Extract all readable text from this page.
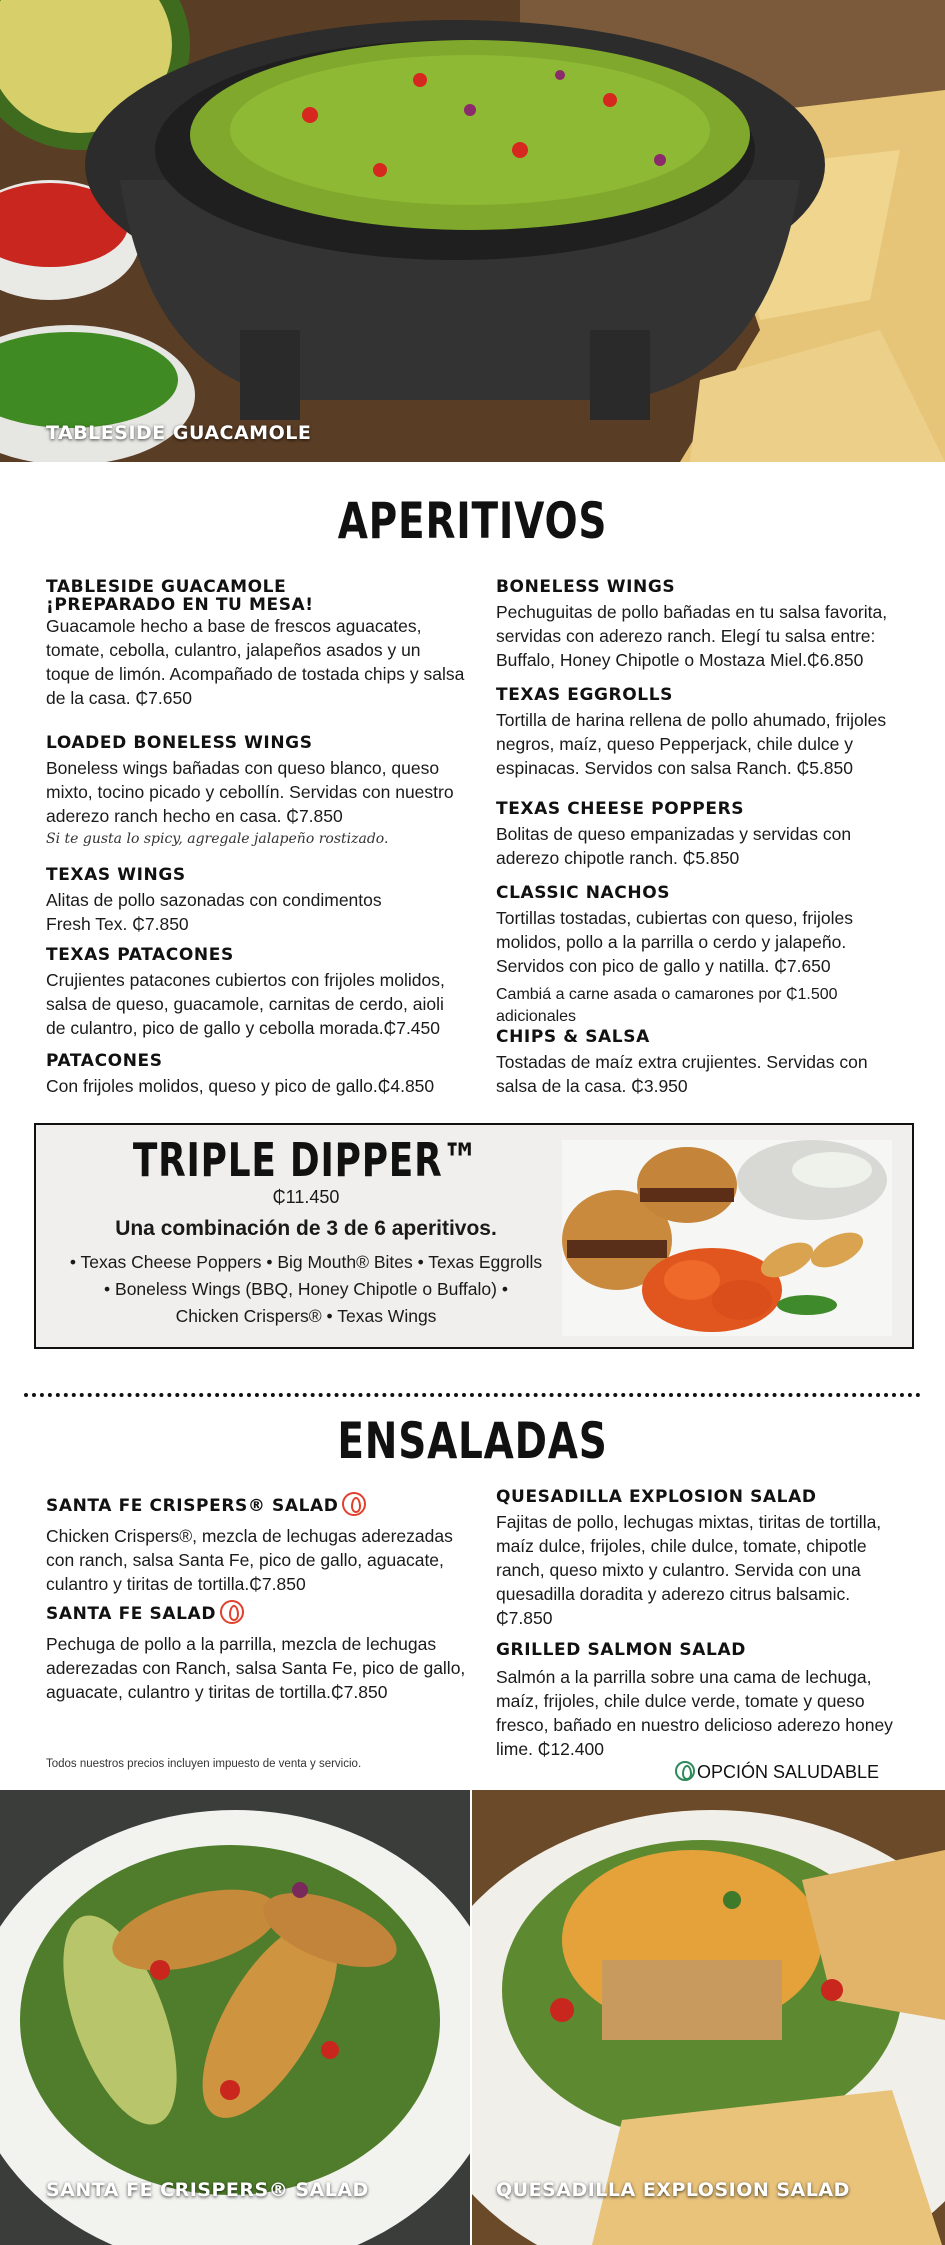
TABLESIDE GUACAMOLE
APERITIVOS
TABLESIDE GUACAMOLE
¡PREPARADO EN TU MESA!
Guacamole hecho a base de frescos aguacates, tomate, cebolla, culantro, jalapeños asados y un toque de limón. Acompañado de tostada chips y salsa de la casa. ₵7.650
LOADED BONELESS WINGS
Boneless wings bañadas con queso blanco, queso mixto, tocino picado y cebollín. Servidas con nuestro aderezo ranch hecho en casa. ₵7.850
Si te gusta lo spicy, agregale jalapeño rostizado.
TEXAS WINGS
Alitas de pollo sazonadas con condimentos Fresh Tex. ₵7.850
TEXAS PATACONES
Crujientes patacones cubiertos con frijoles molidos, salsa de queso, guacamole, carnitas de cerdo, aioli de culantro, pico de gallo y cebolla morada.₵7.450
PATACONES
Con frijoles molidos, queso y pico de gallo.₵4.850
BONELESS WINGS
Pechuguitas de pollo bañadas en tu salsa favorita, servidas con aderezo ranch. Elegí tu salsa entre: Buffalo, Honey Chipotle o Mostaza Miel.₵6.850
TEXAS EGGROLLS
Tortilla de harina rellena de pollo ahumado, frijoles negros, maíz, queso Pepperjack, chile dulce y espinacas. Servidos con salsa Ranch. ₵5.850
TEXAS CHEESE POPPERS
Bolitas de queso empanizadas y servidas con aderezo chipotle ranch. ₵5.850
CLASSIC NACHOS
Tortillas tostadas, cubiertas con queso, frijoles molidos, pollo a la parrilla o cerdo y jalapeño. Servidos con pico de gallo y natilla. ₵7.650
Cambiá a carne asada o camarones por ₵1.500 adicionales
CHIPS & SALSA
Tostadas de maíz extra crujientes. Servidas con salsa de la casa. ₵3.950
TRIPLE DIPPER™
₵11.450
Una combinación de 3 de 6 aperitivos.
• Texas Cheese Poppers • Big Mouth® Bites • Texas Eggrolls
• Boneless Wings (BBQ, Honey Chipotle o Buffalo) •
Chicken Crispers® • Texas Wings
ENSALADAS
SANTA FE CRISPERS® SALAD
Chicken Crispers®, mezcla de lechugas aderezadas con ranch, salsa Santa Fe, pico de gallo, aguacate, culantro y tiritas de tortilla.₵7.850
SANTA FE SALAD
Pechuga de pollo a la parrilla, mezcla de lechugas aderezadas con Ranch, salsa Santa Fe, pico de gallo, aguacate, culantro y tiritas de tortilla.₵7.850
QUESADILLA EXPLOSION SALAD
Fajitas de pollo, lechugas mixtas, tiritas de tortilla, maíz dulce, frijoles, chile dulce, tomate, chipotle ranch, queso mixto y culantro. Servida con una quesadilla doradita y aderezo citrus balsamic. ₵7.850
GRILLED SALMON SALAD
Salmón a la parrilla sobre una cama de lechuga, maíz, frijoles, chile dulce verde, tomate y queso fresco, bañado en nuestro delicioso aderezo honey lime. ₵12.400
Todos nuestros precios incluyen impuesto de venta y servicio.	OPCIÓN SALUDABLE
SANTA FE CRISPERS® SALAD	QUESADILLA EXPLOSION SALAD
